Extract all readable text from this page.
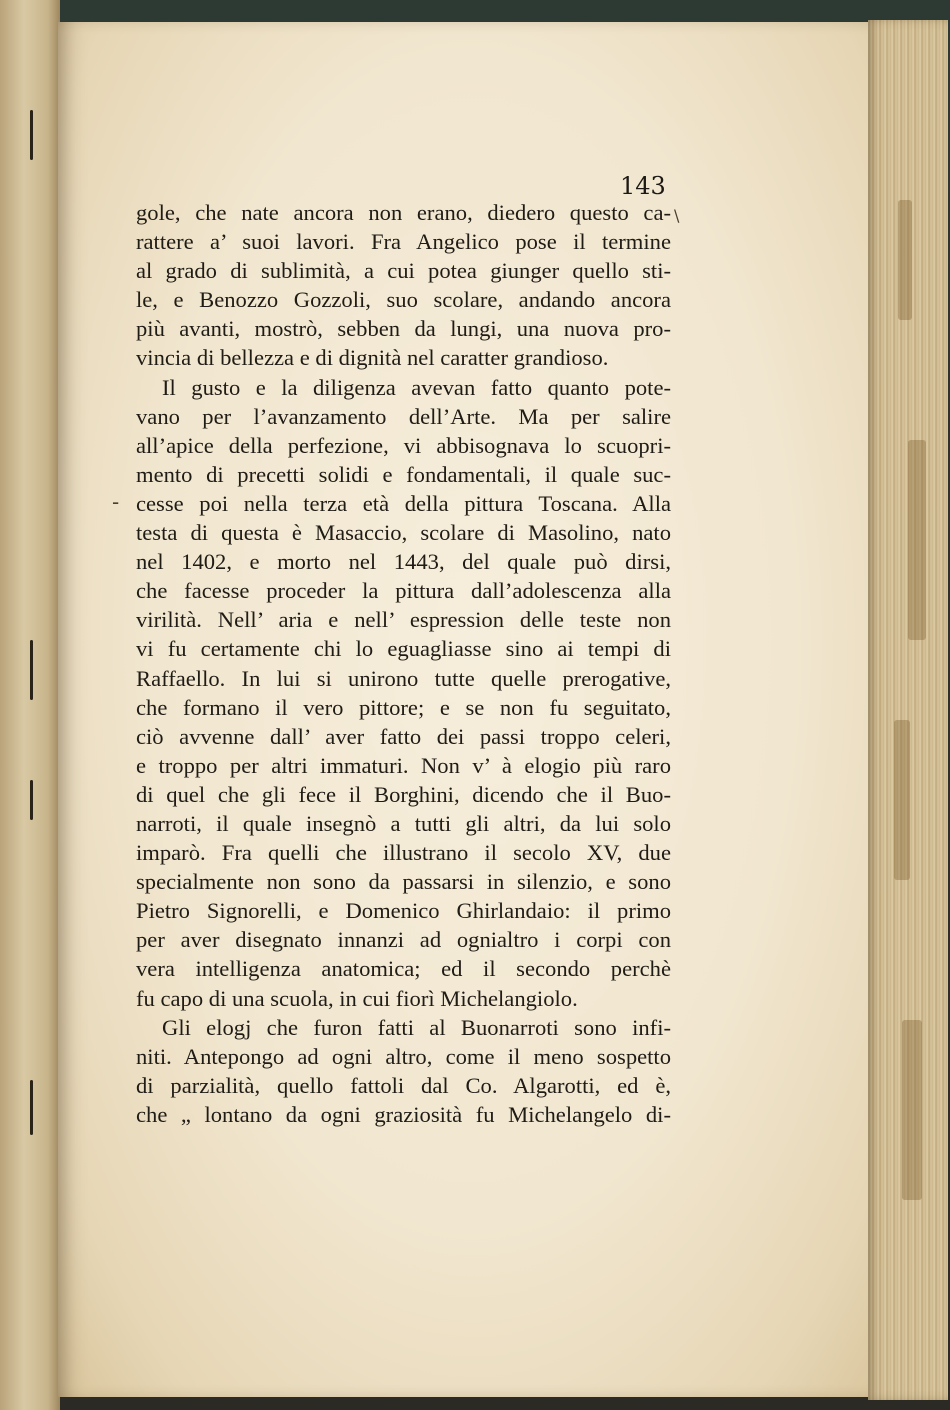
-
\
143
gole, che nate ancora non erano, diedero questo ca-
rattere a’ suoi lavori. Fra Angelico pose il termine
al grado di sublimità, a cui potea giunger quello sti-
le, e Benozzo Gozzoli, suo scolare, andando ancora
più avanti, mostrò, sebben da lungi, una nuova pro-
vincia di bellezza e di dignità nel caratter grandioso.
Il gusto e la diligenza avevan fatto quanto pote-
vano per l’avanzamento dell’Arte. Ma per salire
all’apice della perfezione, vi abbisognava lo scuopri-
mento di precetti solidi e fondamentali, il quale suc-
cesse poi nella terza età della pittura Toscana. Alla
testa di questa è Masaccio, scolare di Masolino, nato
nel 1402, e morto nel 1443, del quale può dirsi,
che facesse proceder la pittura dall’adolescenza alla
virilità. Nell’ aria e nell’ espression delle teste non
vi fu certamente chi lo eguagliasse sino ai tempi di
Raffaello. In lui si unirono tutte quelle prerogative,
che formano il vero pittore; e se non fu seguitato,
ciò avvenne dall’ aver fatto dei passi troppo celeri,
e troppo per altri immaturi. Non v’ à elogio più raro
di quel che gli fece il Borghini, dicendo che il Buo-
narroti, il quale insegnò a tutti gli altri, da lui solo
imparò. Fra quelli che illustrano il secolo XV, due
specialmente non sono da passarsi in silenzio, e sono
Pietro Signorelli, e Domenico Ghirlandaio: il primo
per aver disegnato innanzi ad ognialtro i corpi con
vera intelligenza anatomica; ed il secondo perchè
fu capo di una scuola, in cui fiorì Michelangiolo.
Gli elogj che furon fatti al Buonarroti sono infi-
niti. Antepongo ad ogni altro, come il meno sospetto
di parzialità, quello fattoli dal Co. Algarotti, ed è,
che „ lontano da ogni graziosità fu Michelangelo di-
